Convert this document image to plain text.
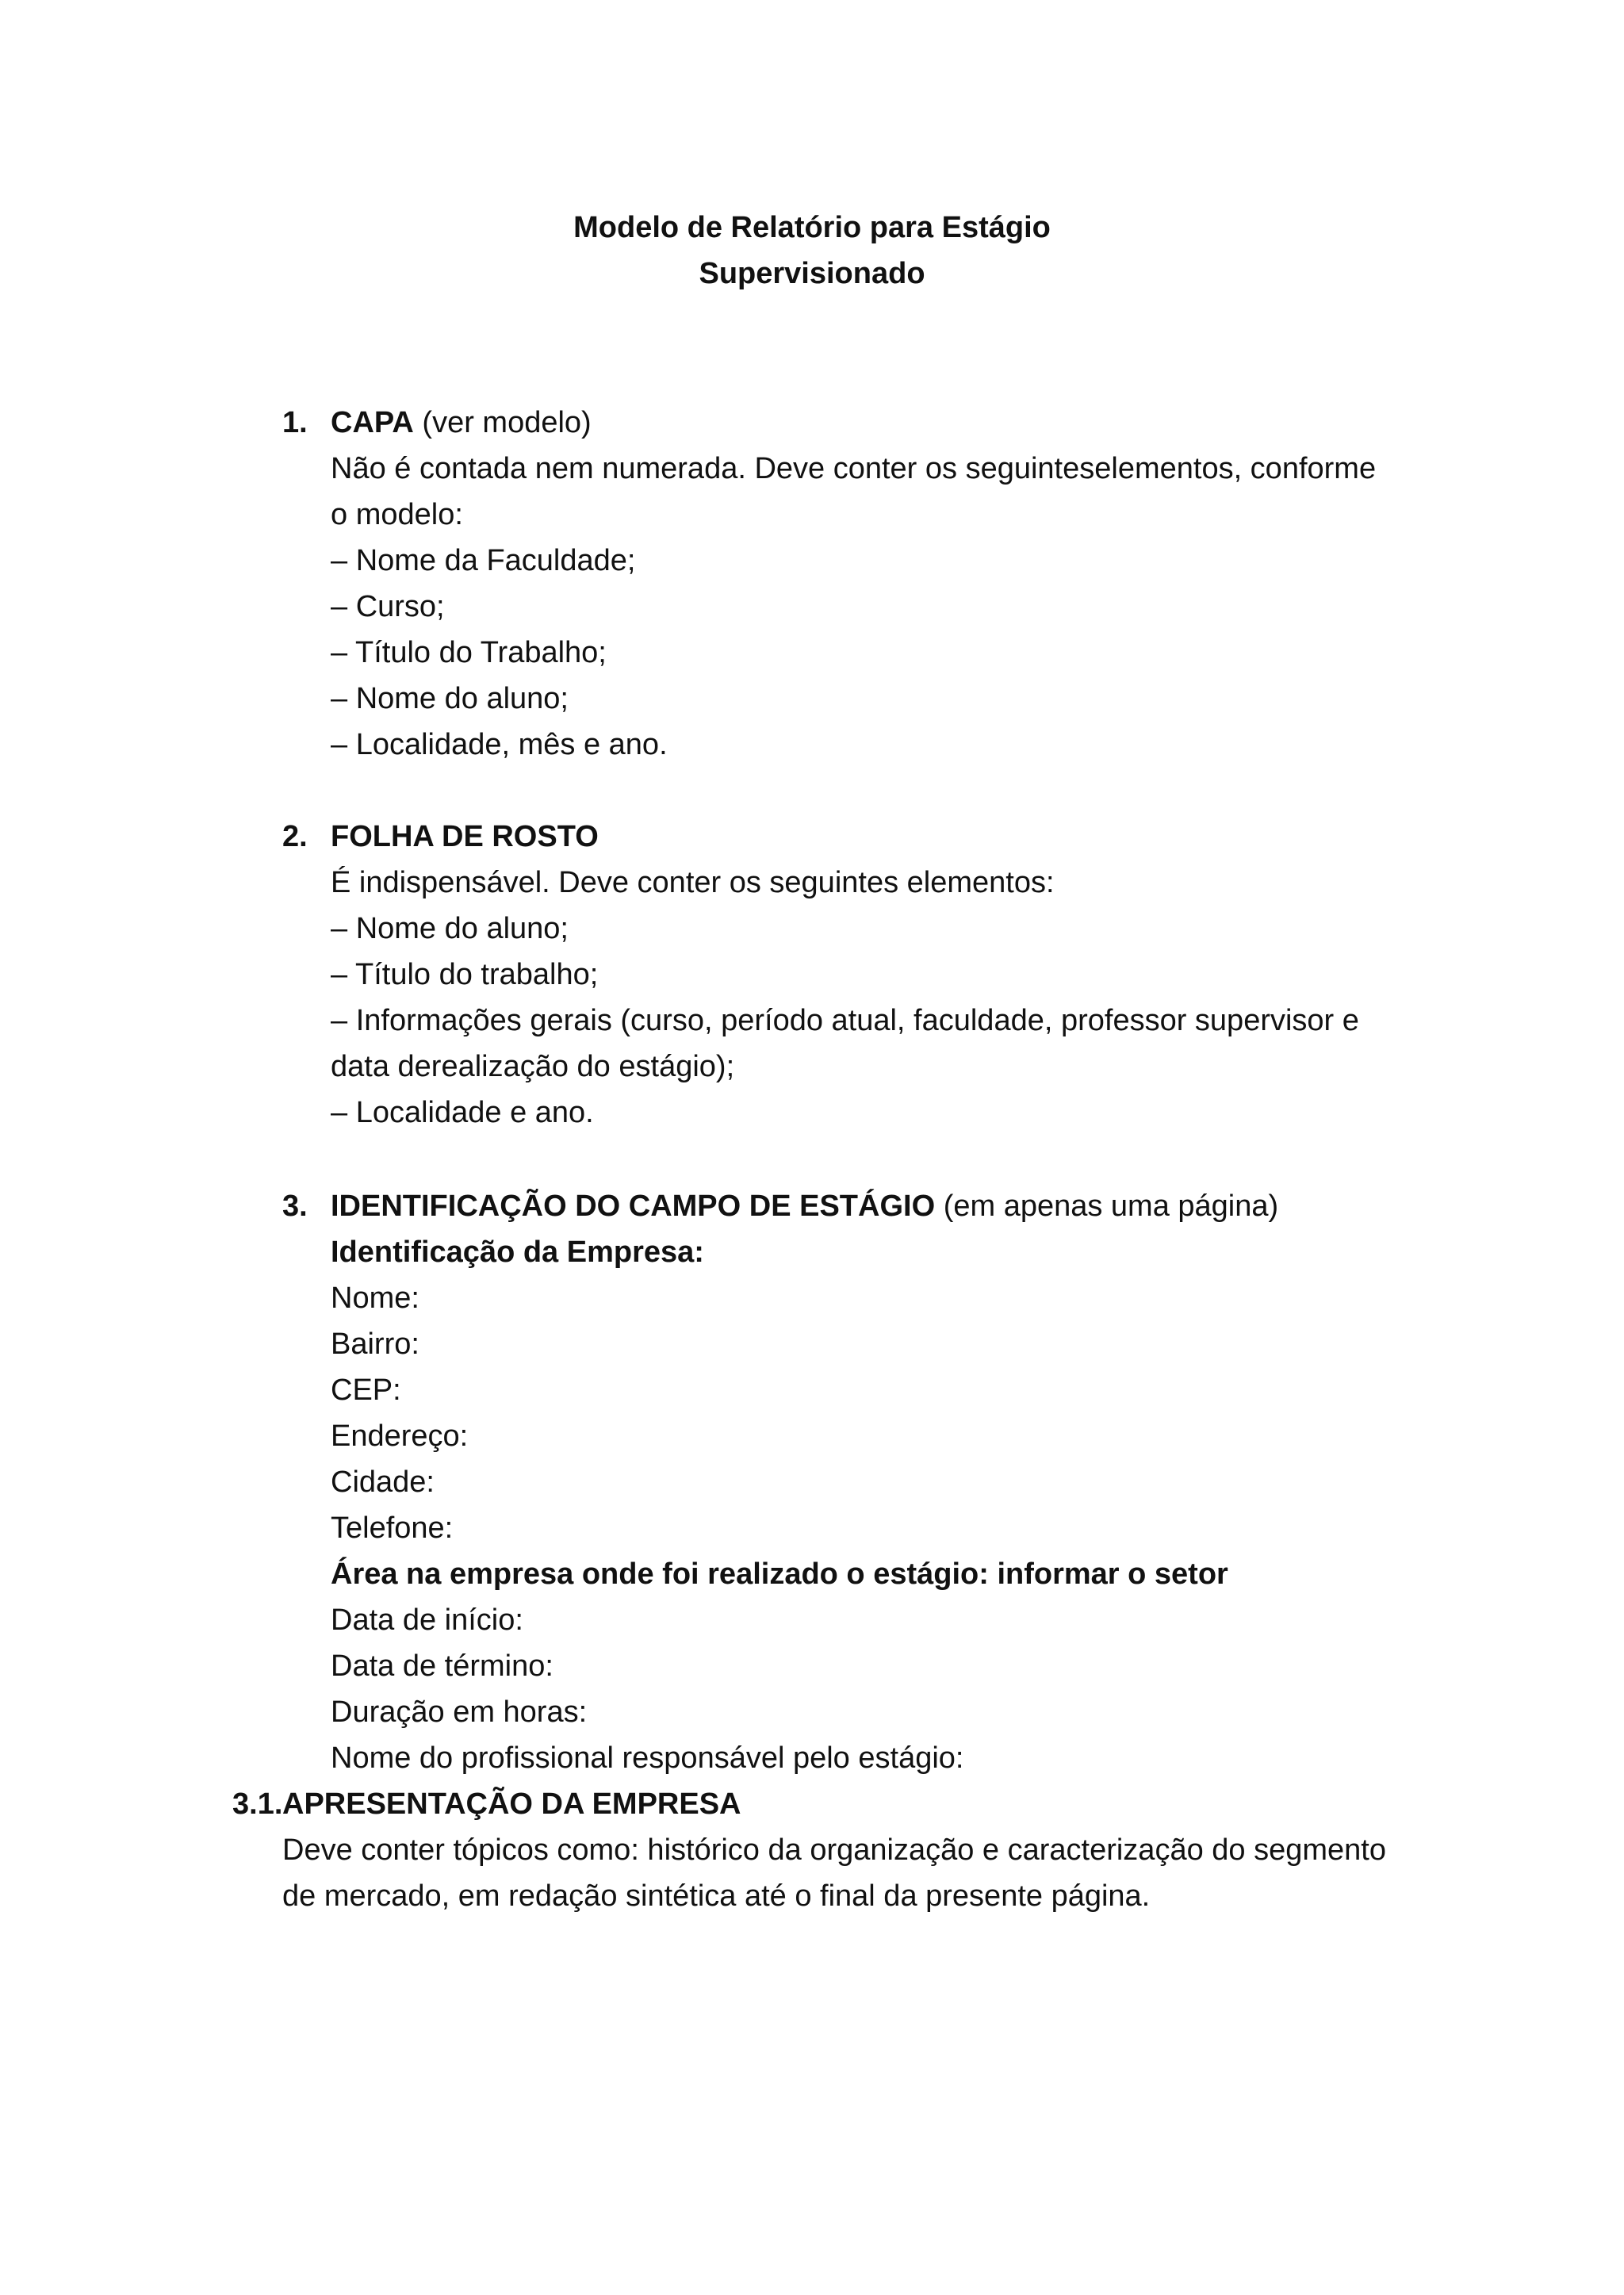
Modelo de Relatório para Estágio
Supervisionado
1. CAPA (ver modelo)
Não é contada nem numerada. Deve conter os seguinteselementos, conforme
o modelo:
– Nome da Faculdade;
– Curso;
– Título do Trabalho;
– Nome do aluno;
– Localidade, mês e ano.
2. FOLHA DE ROSTO
É indispensável. Deve conter os seguintes elementos:
– Nome do aluno;
– Título do trabalho;
– Informações gerais (curso, período atual, faculdade, professor supervisor e
data derealização do estágio);
– Localidade e ano.
3. IDENTIFICAÇÃO DO CAMPO DE ESTÁGIO (em apenas uma página)
Identificação da Empresa:
Nome:
Bairro:
CEP:
Endereço:
Cidade:
Telefone:
Área na empresa onde foi realizado o estágio: informar o setor
Data de início:
Data de término:
Duração em horas:
Nome do profissional responsável pelo estágio:
3.1. APRESENTAÇÃO DA EMPRESA
Deve conter tópicos como: histórico da organização e caracterização do segmento
de mercado, em redação sintética até o final da presente página.
